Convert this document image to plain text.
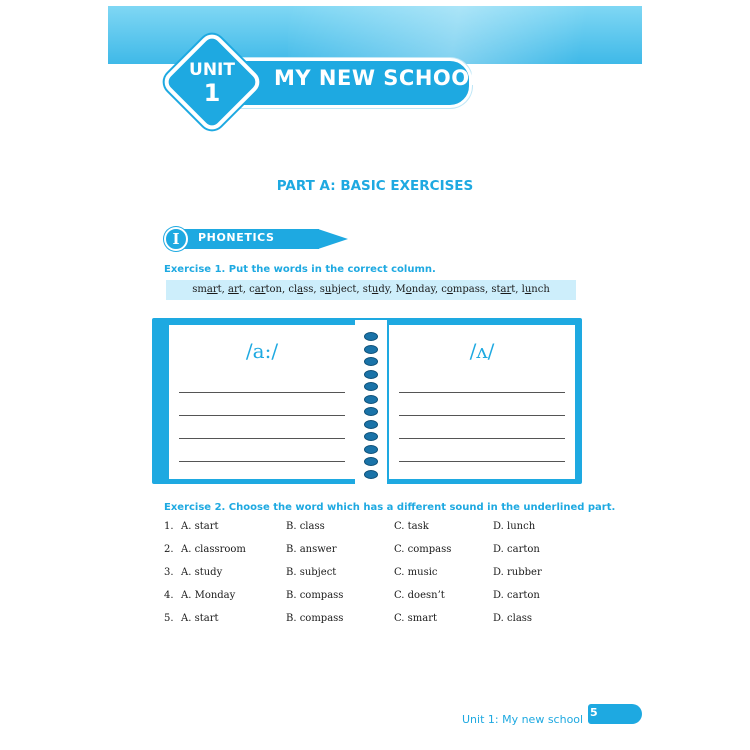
MY NEW SCHOOL
UNIT
1
PART A: BASIC EXERCISES
I	PHONETICS
Exercise 1. Put the words in the correct column.
smart, art, carton, class, subject, study, Monday, compass, start, lunch
/a:/	/ʌ/
Exercise 2. Choose the word which has a different sound in the underlined part.
1. A. start	B. class	C. task	D. lunch
2. A. classroom	B. answer	C. compass	D. carton
3. A. study	B. subject	C. music	D. rubber
4. A. Monday	B. compass	C. doesn’t	D. carton
5. A. start	B. compass	C. smart	D. class
Unit 1: My new school
5
